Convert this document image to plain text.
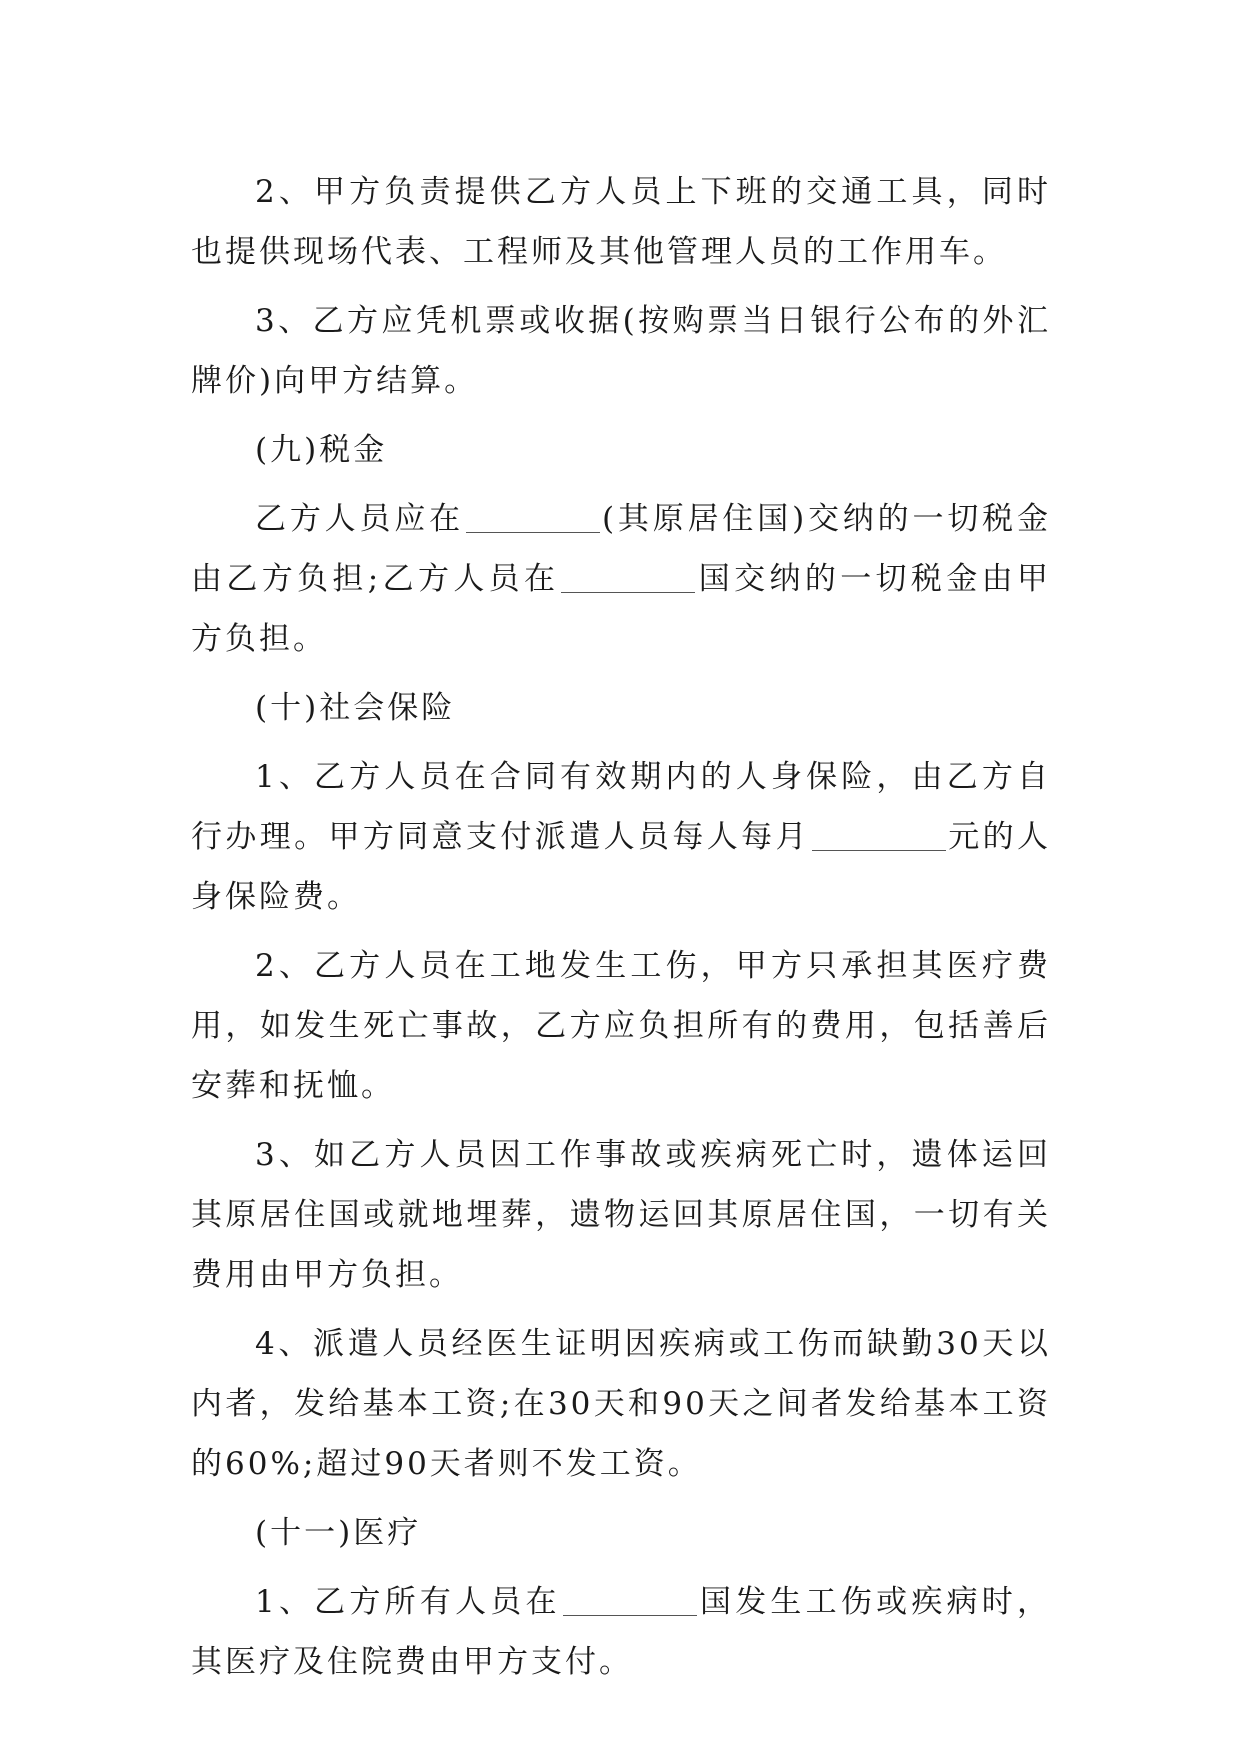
2、甲方负责提供乙方人员上下班的交通工具，同时也提供现场代表、工程师及其他管理人员的工作用车。

3、乙方应凭机票或收据(按购票当日银行公布的外汇牌价)向甲方结算。

(九)税金

乙方人员应在	(其原居住国)交纳的一切税金由乙方负担;乙方人员在	国交纳的一切税金由甲方负担。

(十)社会保险

1、乙方人员在合同有效期内的人身保险，由乙方自行办理。甲方同意支付派遣人员每人每月	元的人身保险费。

2、乙方人员在工地发生工伤，甲方只承担其医疗费用，如发生死亡事故，乙方应负担所有的费用，包括善后安葬和抚恤。

3、如乙方人员因工作事故或疾病死亡时，遗体运回其原居住国或就地埋葬，遗物运回其原居住国，一切有关费用由甲方负担。

4、派遣人员经医生证明因疾病或工伤而缺勤30天以内者，发给基本工资;在30天和90天之间者发给基本工资的60%;超过90天者则不发工资。

(十一)医疗

1、乙方所有人员在	国发生工伤或疾病时，其医疗及住院费由甲方支付。
